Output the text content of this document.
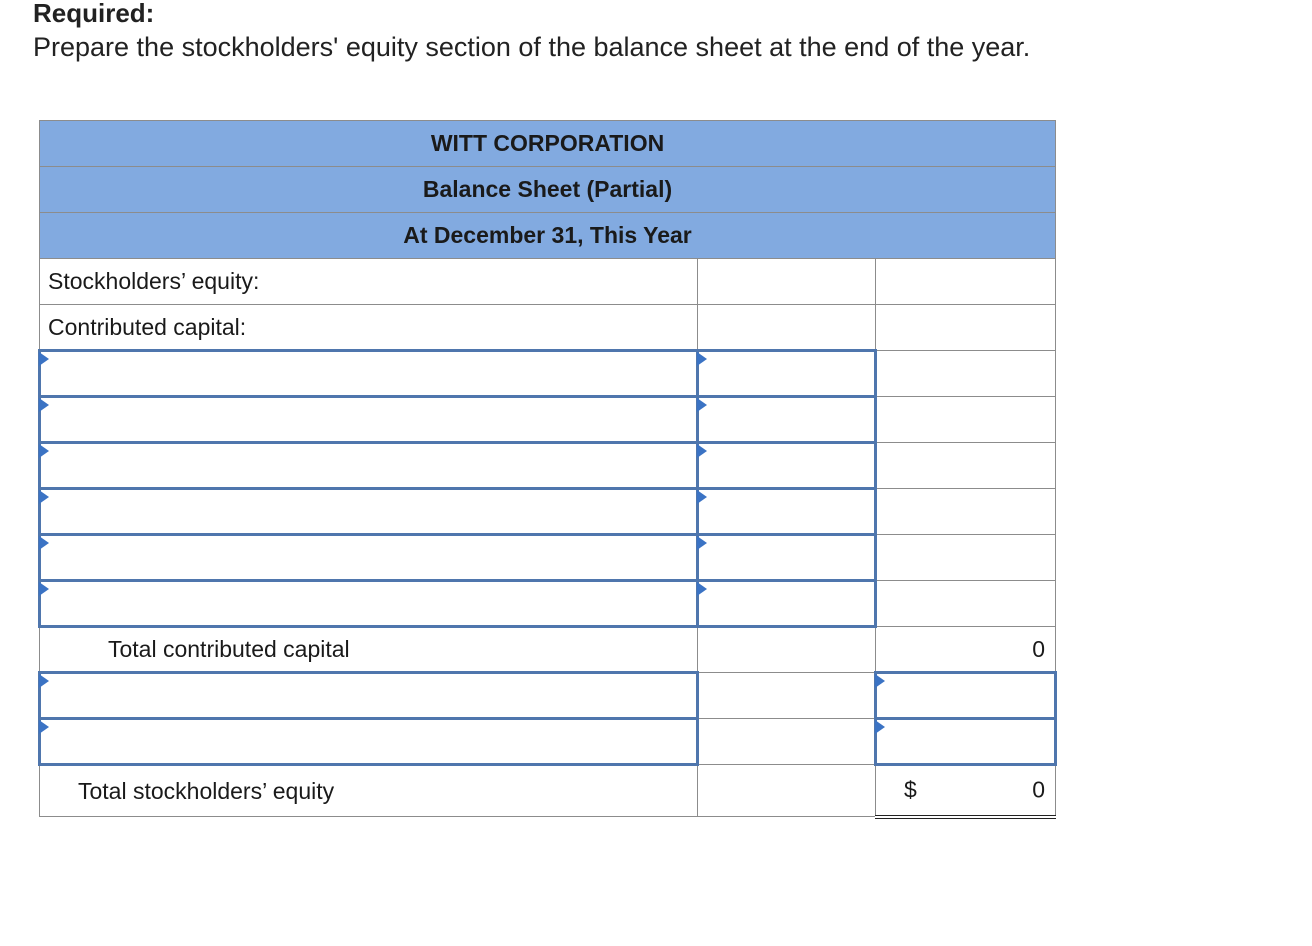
Required:
Prepare the stockholders' equity section of the balance sheet at the end of the year.
WITT CORPORATION		
Balance Sheet (Partial)		
At December 31, This Year		
Stockholders’ equity:		
Contributed capital:		

Total contributed capital		0

Total stockholders’ equity		$ 0
